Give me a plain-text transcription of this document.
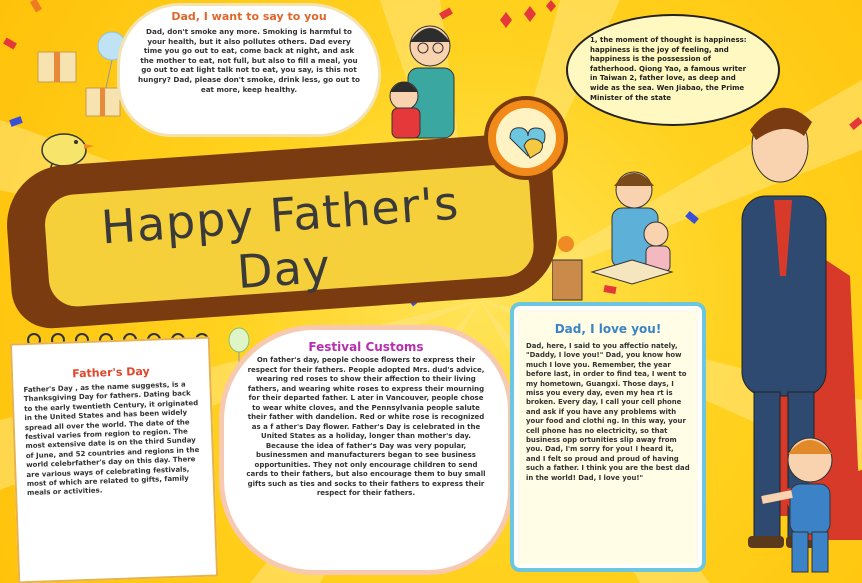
Dad, I want to say to you

Dad, don't smoke any more. Smoking is harmful to your health, but it also pollutes others. Dad every time you go out to eat, come back at night, and ask the mother to eat, not full, but also to fill a meal, you go out to eat light talk not to eat, you say, is this not hungry? Dad, please don't smoke, drink less, go out to eat more, keep healthy.

1, the moment of thought is happiness: happiness is the joy of feeling, and happiness is the possession of fatherhood. Qiong Yao, a famous writer in Taiwan 2, father love, as deep and wide as the sea. Wen Jiabao, the Prime Minister of the state

Happy Father's Day
Father's Day

Father's Day , as the name suggests, is a Thanksgiving Day for fathers. Dating back to the early twentieth Century, it originated in the United States and has been widely spread all over the world. The date of the festival varies from region to region. The most extensive date is on the third Sunday of June, and 52 countries and regions in the world celebrfather's day on this day. There are various ways of celebrating festivals, most of which are related to gifts, family meals or activities.

Festival Customs

On father's day, people choose flowers to express their respect for their fathers. People adopted Mrs. dud's advice, wearing red roses to show their affection to their living fathers, and wearing white roses to express their mourning for their departed father. L ater in Vancouver, people chose to wear white cloves, and the Pennsylvania people salute their father with dandelion. Red or white rose is recognized as a f ather's Day flower. Father's Day is celebrated in the United States as a holiday, longer than mother's day. Because the idea of father's Day was very popular, businessmen and manufacturers began to see business opportunities. They not only encourage children to send cards to their fathers, but also encourage them to buy small gifts such as ties and socks to their fathers to express their respect for their fathers.

Dad, I love you!

Dad, here, I said to you affectio nately, "Daddy, I love you!" Dad, you know how much I love you. Remember, the year before last, in order to find tea, I went to my hometown, Guangxi. Those days, I miss you every day, even my hea rt is broken. Every day, I call your cell phone and ask if you have any problems with your food and clothi ng. In this way, your cell phone has no electricity, so that business opp ortunities slip away from you. Dad, I'm sorry for you! I heard it, and I felt so proud and proud of having such a father. I think you are the best dad in the world! Dad, I love you!"
